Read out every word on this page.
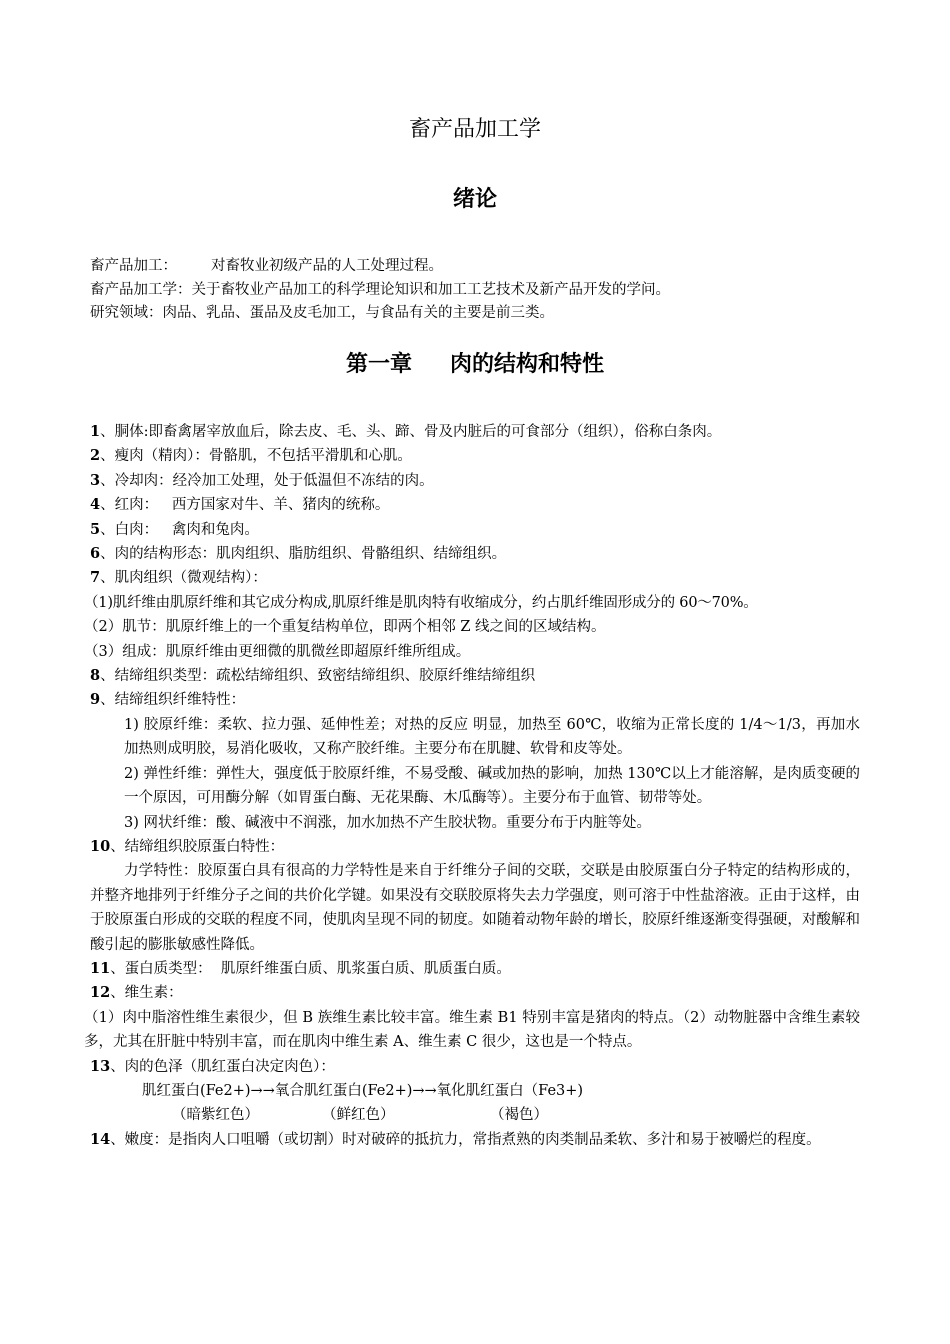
畜产品加工学
绪论
畜产品加工： 对畜牧业初级产品的人工处理过程。
畜产品加工学：关于畜牧业产品加工的科学理论知识和加工工艺技术及新产品开发的学问。
研究领域：肉品、乳品、蛋品及皮毛加工，与食品有关的主要是前三类。
第一章 肉的结构和特性
1、胴体:即畜禽屠宰放血后，除去皮、毛、头、蹄、骨及内脏后的可食部分（组织），俗称白条肉。
2、瘦肉（精肉）：骨骼肌，不包括平滑肌和心肌。
3、冷却肉：经冷加工处理，处于低温但不冻结的肉。
4、红肉：   西方国家对牛、羊、猪肉的统称。
5、白肉：   禽肉和兔肉。
6、肉的结构形态：肌肉组织、脂肪组织、骨骼组织、结缔组织。
7、肌肉组织（微观结构）：
（1)肌纤维由肌原纤维和其它成分构成,肌原纤维是肌肉特有收缩成分，约占肌纤维固形成分的 60～70%。
（2）肌节：肌原纤维上的一个重复结构单位，即两个相邻 Z 线之间的区域结构。
（3）组成：肌原纤维由更细微的肌微丝即超原纤维所组成。
8、结缔组织类型：疏松结缔组织、致密结缔组织、胶原纤维结缔组织
9、结缔组织纤维特性：
1) 胶原纤维：柔软、拉力强、延伸性差；对热的反应 明显，加热至 60℃，收缩为正常长度的 1/4～1/3，再加水加热则成明胶，易消化吸收，又称产胶纤维。主要分布在肌腱、软骨和皮等处。
2) 弹性纤维：弹性大，强度低于胶原纤维，不易受酸、碱或加热的影响，加热 130℃以上才能溶解，是肉质变硬的一个原因，可用酶分解（如胃蛋白酶、无花果酶、木瓜酶等）。主要分布于血管、韧带等处。
3) 网状纤维：酸、碱液中不润涨，加水加热不产生胶状物。重要分布于内脏等处。
10、结缔组织胶原蛋白特性：
力学特性：胶原蛋白具有很高的力学特性是来自于纤维分子间的交联，交联是由胶原蛋白分子特定的结构形成的，并整齐地排列于纤维分子之间的共价化学键。如果没有交联胶原将失去力学强度，则可溶于中性盐溶液。正由于这样，由于胶原蛋白形成的交联的程度不同，使肌肉呈现不同的韧度。如随着动物年龄的增长，胶原纤维逐渐变得强硬，对酸解和酸引起的膨胀敏感性降低。
11、蛋白质类型：  肌原纤维蛋白质、肌浆蛋白质、肌质蛋白质。
12、维生素：
（1）肉中脂溶性维生素很少，但 B 族维生素比较丰富。维生素 B1 特别丰富是猪肉的特点。（2）动物脏器中含维生素较多，尤其在肝脏中特别丰富，而在肌肉中维生素 A、维生素 C 很少，这也是一个特点。
13、肉的色泽（肌红蛋白决定肉色）：
肌红蛋白(Fe2+)→→氧合肌红蛋白(Fe2+)→→氧化肌红蛋白（Fe3+)
（暗紫红色）	（鲜红色）	（褐色）
14、嫩度：是指肉人口咀嚼（或切割）时对破碎的抵抗力，常指煮熟的肉类制品柔软、多汁和易于被嚼烂的程度。
